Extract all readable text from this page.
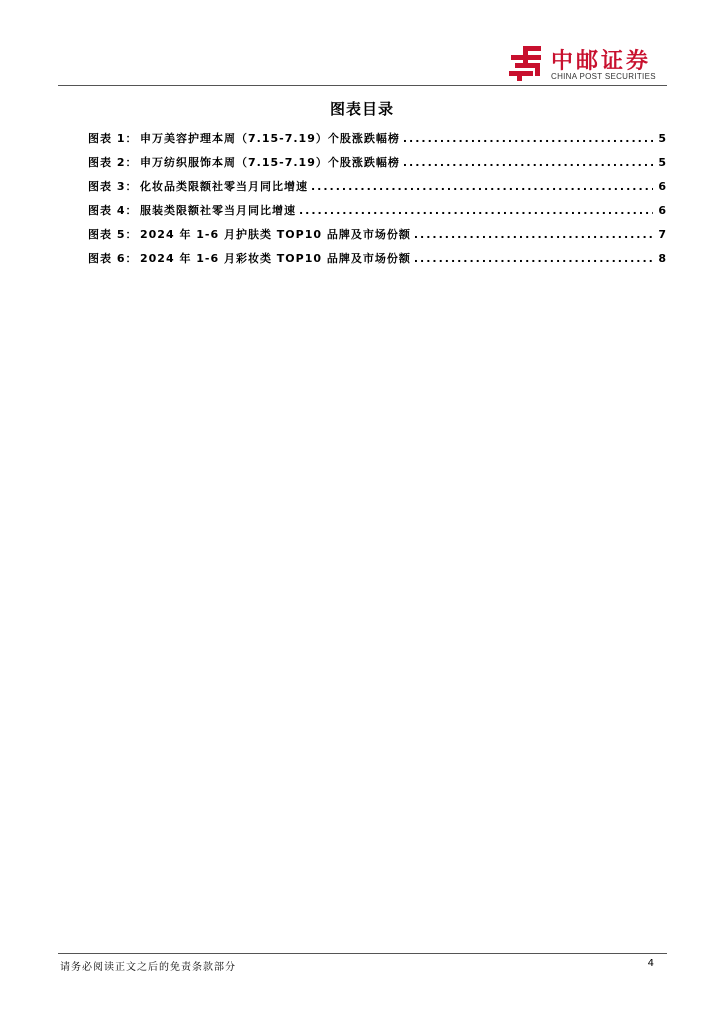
中邮证券
CHINA POST SECURITIES
图表目录
图表 1： 申万美容护理本周（7.15-7.19）个股涨跌幅榜 .....	5
图表 2： 申万纺织服饰本周（7.15-7.19）个股涨跌幅榜 .....	5
图表 3： 化妆品类限额社零当月同比增速 .....	6
图表 4： 服装类限额社零当月同比增速 .....	6
图表 5： 2024 年 1-6 月护肤类 TOP10 品牌及市场份额 .....	7
图表 6： 2024 年 1-6 月彩妆类 TOP10 品牌及市场份额 .....	8
请务必阅读正文之后的免责条款部分	4
